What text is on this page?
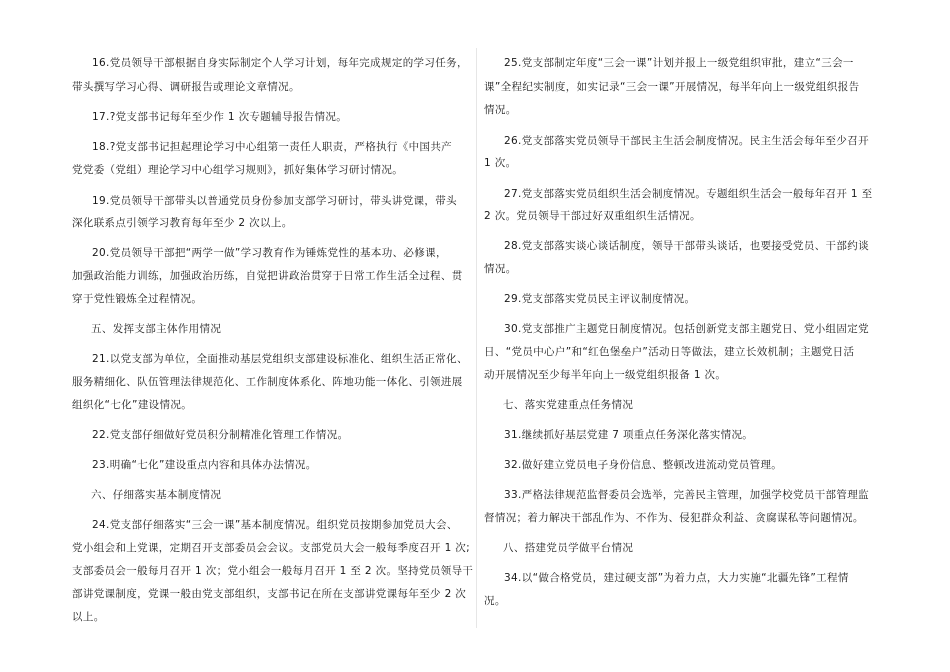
16.党员领导干部根据自身实际制定个人学习计划，每年完成规定的学习任务，
带头撰写学习心得、调研报告或理论文章情况。
17.?党支部书记每年至少作 1 次专题辅导报告情况。
18.?党支部书记担起理论学习中心组第一责任人职责，严格执行《中国共产
党党委（党组）理论学习中心组学习规则》，抓好集体学习研讨情况。
19.党员领导干部带头以普通党员身份参加支部学习研讨，带头讲党课，带头
深化联系点引领学习教育每年至少 2 次以上。
20.党员领导干部把“两学一做”学习教育作为锤炼党性的基本功、必修课，
加强政治能力训练，加强政治历练，自觉把讲政治贯穿于日常工作生活全过程、贯
穿于党性锻炼全过程情况。
五、发挥支部主体作用情况
21.以党支部为单位，全面推动基层党组织支部建设标准化、组织生活正常化、
服务精细化、队伍管理法律规范化、工作制度体系化、阵地功能一体化、引领进展
组织化“七化”建设情况。
22.党支部仔细做好党员积分制精准化管理工作情况。
23.明确“七化”建设重点内容和具体办法情况。
六、仔细落实基本制度情况
24.党支部仔细落实“三会一课”基本制度情况。组织党员按期参加党员大会、
党小组会和上党课，定期召开支部委员会会议。支部党员大会一般每季度召开 1 次;
支部委员会一般每月召开 1 次；党小组会一般每月召开 1 至 2 次。坚持党员领导干
部讲党课制度，党课一般由党支部组织，支部书记在所在支部讲党课每年至少 2 次
以上。
25.党支部制定年度“三会一课”计划并报上一级党组织审批，建立“三会一
课”全程纪实制度，如实记录“三会一课”开展情况，每半年向上一级党组织报告
情况。
26.党支部落实党员领导干部民主生活会制度情况。民主生活会每年至少召开
1 次。
27.党支部落实党员组织生活会制度情况。专题组织生活会一般每年召开 1 至
2 次。党员领导干部过好双重组织生活情况。
28.党支部落实谈心谈话制度，领导干部带头谈话，也要接受党员、干部约谈
情况。
29.党支部落实党员民主评议制度情况。
30.党支部推广主题党日制度情况。包括创新党支部主题党日、党小组固定党
日、“党员中心户”和“红色堡垒户”活动日等做法，建立长效机制；主题党日活
动开展情况至少每半年向上一级党组织报备 1 次。
七、落实党建重点任务情况
31.继续抓好基层党建 7 项重点任务深化落实情况。
32.做好建立党员电子身份信息、整顿改进流动党员管理。
33.严格法律规范监督委员会选举，完善民主管理，加强学校党员干部管理监
督情况；着力解决干部乱作为、不作为、侵犯群众利益、贪腐谋私等问题情况。
八、搭建党员学做平台情况
34.以“做合格党员，建过硬支部”为着力点，大力实施“北疆先锋”工程情
况。
